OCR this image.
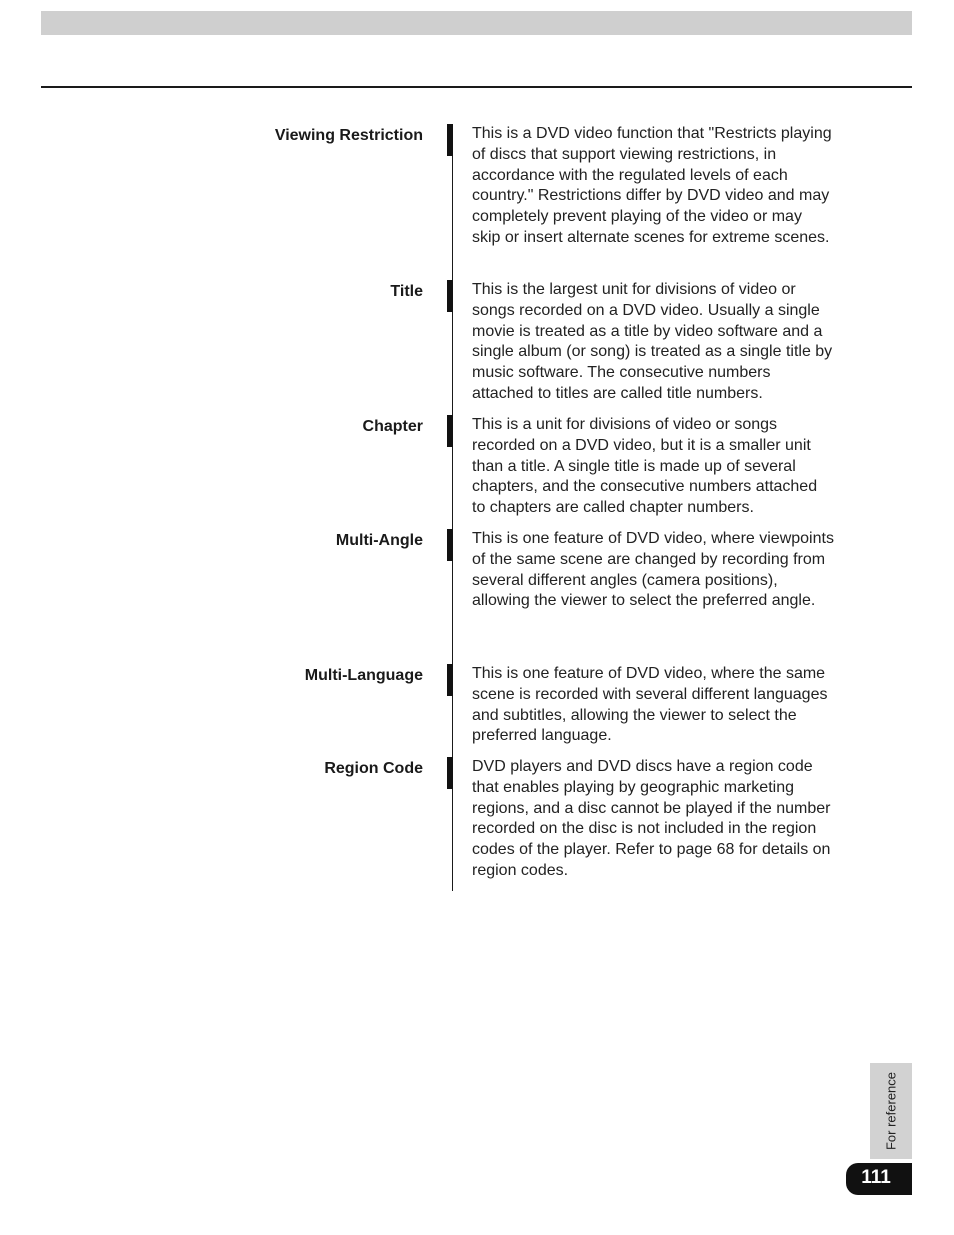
Viewing Restriction	This is a DVD video function that "Restricts playing of discs that support viewing restrictions, in accordance with the regulated levels of each country." Restrictions differ by DVD video and may completely prevent playing of the video or may skip or insert alternate scenes for extreme scenes.
Title	This is the largest unit for divisions of video or songs recorded on a DVD video. Usually a single movie is treated as a title by video software and a single album (or song) is treated as a single title by music software. The consecutive numbers attached to titles are called title numbers.
Chapter	This is a unit for divisions of video or songs recorded on a DVD video, but it is a smaller unit than a title. A single title is made up of several chapters, and the consecutive numbers attached to chapters are called chapter numbers.
Multi-Angle	This is one feature of DVD video, where viewpoints of the same scene are changed by recording from several different angles (camera positions), allowing the viewer to select the preferred angle.
Multi-Language	This is one feature of DVD video, where the same scene is recorded with several different languages and subtitles, allowing the viewer to select the preferred language.
Region Code	DVD players and DVD discs have a region code that enables playing by geographic marketing regions, and a disc cannot be played if the number recorded on the disc is not included in the region codes of the player. Refer to page 68 for details on region codes.
For reference
111
